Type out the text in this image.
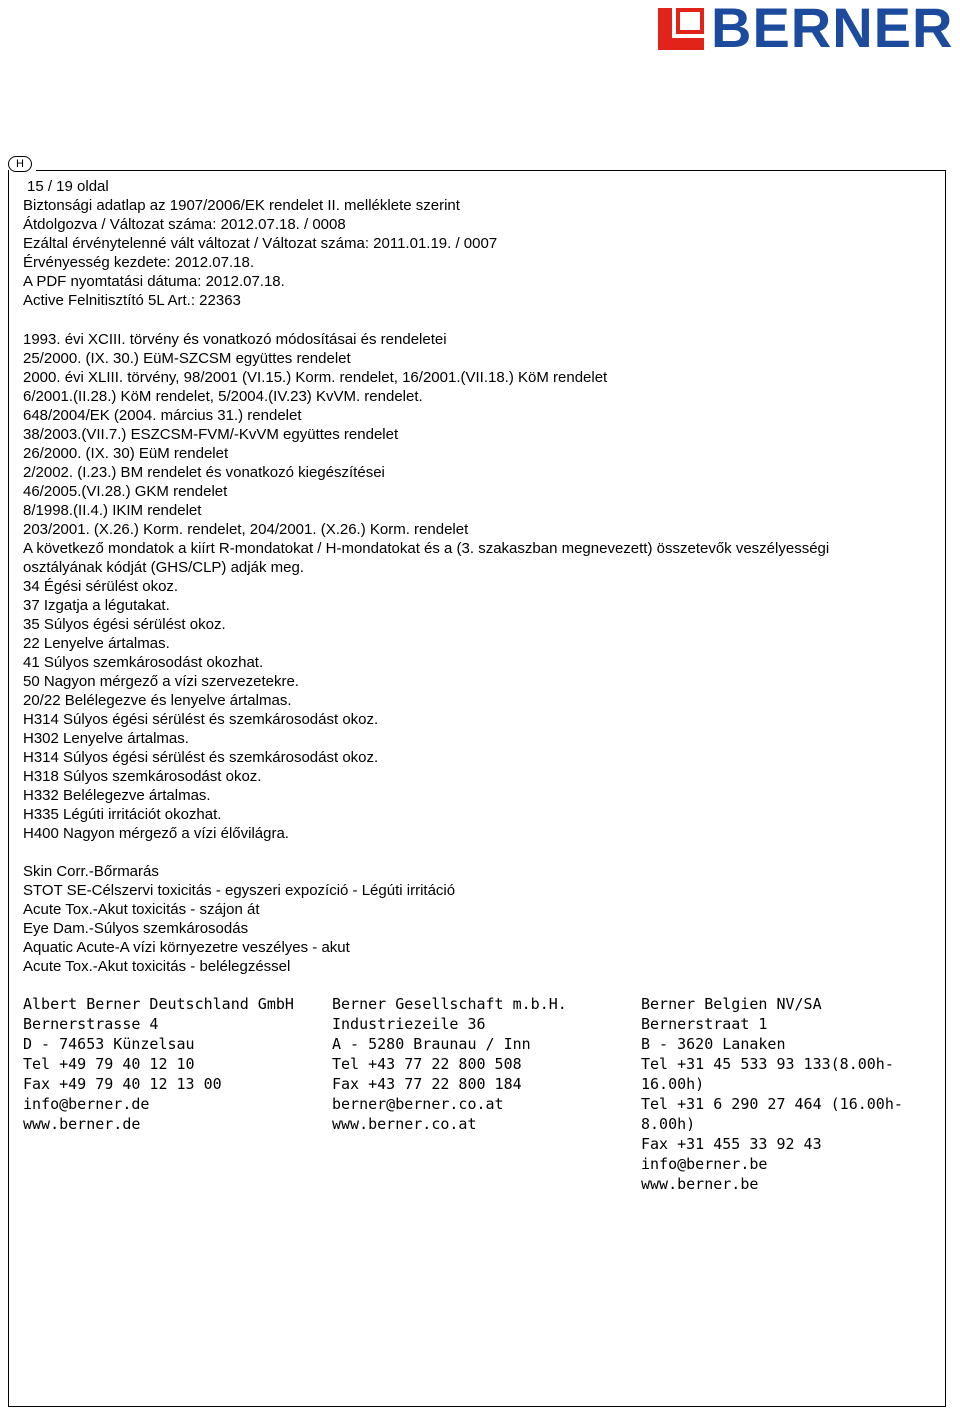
BERNER
H
15 / 19 oldal
Biztonsági adatlap az 1907/2006/EK rendelet II. melléklete szerint
Átdolgozva / Változat száma: 2012.07.18. / 0008
Ezáltal érvénytelenné vált változat / Változat száma: 2011.01.19. / 0007
Érvényesség kezdete: 2012.07.18.
A PDF nyomtatási dátuma: 2012.07.18.
Active Felnitisztító 5L Art.: 22363
1993. évi XCIII. törvény és vonatkozó módosításai és rendeletei
25/2000. (IX. 30.) EüM-SZCSM együttes rendelet
2000. évi XLIII. törvény, 98/2001 (VI.15.) Korm. rendelet, 16/2001.(VII.18.) KöM rendelet
6/2001.(II.28.) KöM rendelet, 5/2004.(IV.23) KvVM. rendelet.
648/2004/EK (2004. március 31.) rendelet
38/2003.(VII.7.) ESZCSM-FVM/-KvVM együttes rendelet
26/2000. (IX. 30) EüM rendelet
2/2002. (I.23.) BM rendelet és vonatkozó kiegészítései
46/2005.(VI.28.) GKM rendelet
8/1998.(II.4.) IKIM rendelet
203/2001. (X.26.) Korm. rendelet, 204/2001. (X.26.) Korm. rendelet
A következő mondatok a kiírt R-mondatokat / H-mondatokat és a (3. szakaszban megnevezett) összetevők veszélyességi
osztályának kódját (GHS/CLP) adják meg.
34 Égési sérülést okoz.
37 Izgatja a légutakat.
35 Súlyos égési sérülést okoz.
22 Lenyelve ártalmas.
41 Súlyos szemkárosodást okozhat.
50 Nagyon mérgező a vízi szervezetekre.
20/22 Belélegezve és lenyelve ártalmas.
H314 Súlyos égési sérülést és szemkárosodást okoz.
H302 Lenyelve ártalmas.
H314 Súlyos égési sérülést és szemkárosodást okoz.
H318 Súlyos szemkárosodást okoz.
H332 Belélegezve ártalmas.
H335 Légúti irritációt okozhat.
H400 Nagyon mérgező a vízi élővilágra.
Skin Corr.-Bőrmarás
STOT SE-Célszervi toxicitás - egyszeri expozíció - Légúti irritáció
Acute Tox.-Akut toxicitás - szájon át
Eye Dam.-Súlyos szemkárosodás
Aquatic Acute-A vízi környezetre veszélyes - akut
Acute Tox.-Akut toxicitás - belélegzéssel
Albert Berner Deutschland GmbH
Bernerstrasse 4
D - 74653 Künzelsau
Tel +49 79 40 12 10
Fax +49 79 40 12 13 00
info@berner.de
www.berner.de
Berner Gesellschaft m.b.H.
Industriezeile 36
A - 5280 Braunau / Inn
Tel +43 77 22 800 508
Fax +43 77 22 800 184
berner@berner.co.at
www.berner.co.at
Berner Belgien NV/SA
Bernerstraat 1
B - 3620 Lanaken
Tel +31 45 533 93 133(8.00h-
16.00h)
Tel +31 6 290 27 464 (16.00h-
8.00h)
Fax +31 455 33 92 43
info@berner.be
www.berner.be
